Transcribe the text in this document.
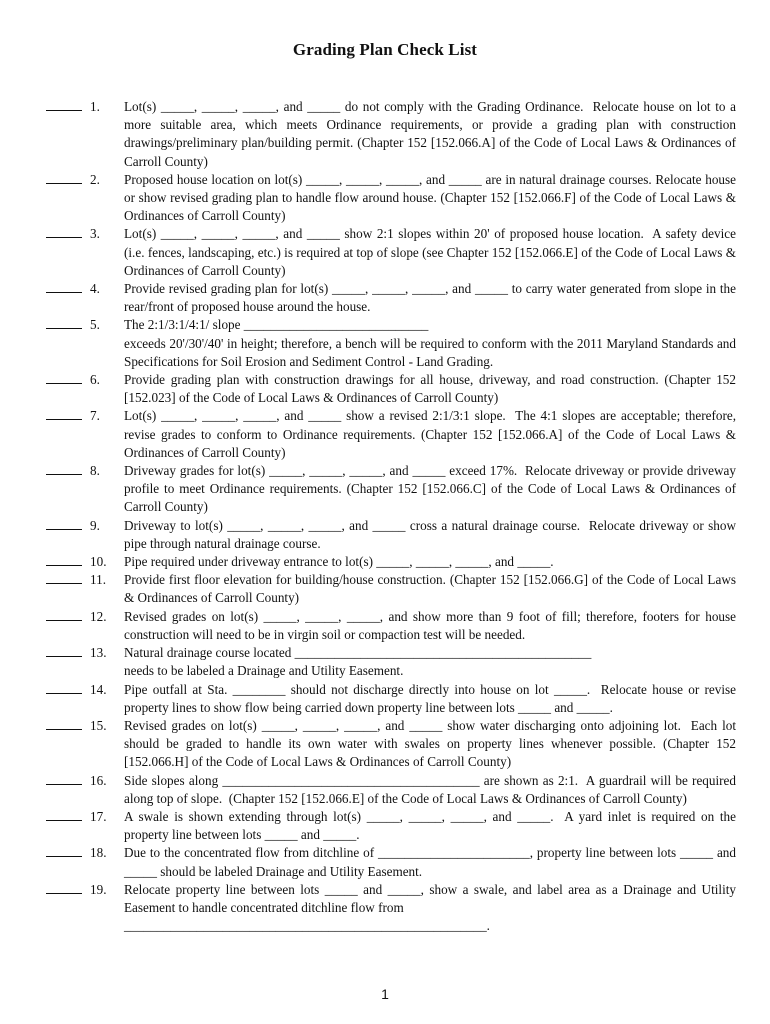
Grading Plan Check List
1.	Lot(s) _____, _____, _____, and _____ do not comply with the Grading Ordinance.  Relocate house on lot to a more suitable area, which meets Ordinance requirements, or provide a grading plan with construction drawings/preliminary plan/building permit. (Chapter 152 [152.066.A] of the Code of Local Laws & Ordinances of Carroll County)
2.	Proposed house location on lot(s) _____, _____, _____, and _____ are in natural drainage courses. Relocate house or show revised grading plan to handle flow around house. (Chapter 152 [152.066.F] of the Code of Local Laws & Ordinances of Carroll County)
3.	Lot(s) _____, _____, _____, and _____ show 2:1 slopes within 20' of proposed house location.  A safety device (i.e. fences, landscaping, etc.) is required at top of slope (see Chapter 152 [152.066.E] of the Code of Local Laws & Ordinances of Carroll County)
4.	Provide revised grading plan for lot(s) _____, _____, _____, and _____ to carry water generated from slope in the rear/front of proposed house around the house.
5.	The 2:1/3:1/4:1/ slope ____________________________
exceeds 20'/30'/40' in height; therefore, a bench will be required to conform with the 2011 Maryland Standards and Specifications for Soil Erosion and Sediment Control - Land Grading.
6.	Provide grading plan with construction drawings for all house, driveway, and road construction. (Chapter 152 [152.023] of the Code of Local Laws & Ordinances of Carroll County)
7.	Lot(s) _____, _____, _____, and _____ show a revised 2:1/3:1 slope.  The 4:1 slopes are acceptable; therefore, revise grades to conform to Ordinance requirements. (Chapter 152 [152.066.A] of the Code of Local Laws & Ordinances of Carroll County)
8.	Driveway grades for lot(s) _____, _____, _____, and _____ exceed 17%.  Relocate driveway or provide driveway profile to meet Ordinance requirements. (Chapter 152 [152.066.C] of the Code of Local Laws & Ordinances of Carroll County)
9.	Driveway to lot(s) _____, _____, _____, and _____ cross a natural drainage course.  Relocate driveway or show pipe through natural drainage course.
10.	Pipe required under driveway entrance to lot(s) _____, _____, _____, and _____.
11.	Provide first floor elevation for building/house construction. (Chapter 152 [152.066.G] of the Code of Local Laws & Ordinances of Carroll County)
12.	Revised grades on lot(s) _____, _____, _____, and show more than 9 foot of fill; therefore, footers for house construction will need to be in virgin soil or compaction test will be needed.
13.	Natural drainage course located _____________________________________________
needs to be labeled a Drainage and Utility Easement.
14.	Pipe outfall at Sta. ________ should not discharge directly into house on lot _____.  Relocate house or revise property lines to show flow being carried down property line between lots _____ and _____.
15.	Revised grades on lot(s) _____, _____, _____, and _____ show water discharging onto adjoining lot.  Each lot should be graded to handle its own water with swales on property lines whenever possible. (Chapter 152 [152.066.H] of the Code of Local Laws & Ordinances of Carroll County)
16.	Side slopes along _______________________________________ are shown as 2:1.  A guardrail will be required along top of slope.  (Chapter 152 [152.066.E] of the Code of Local Laws & Ordinances of Carroll County)
17.	A swale is shown extending through lot(s) _____, _____, _____, and _____.  A yard inlet is required on the property line between lots _____ and _____.
18.	Due to the concentrated flow from ditchline of _______________________, property line between lots _____ and _____ should be labeled Drainage and Utility Easement.
19.	Relocate property line between lots _____ and _____, show a swale, and label area as a Drainage and Utility Easement to handle concentrated ditchline flow from
_______________________________________________________.
1
